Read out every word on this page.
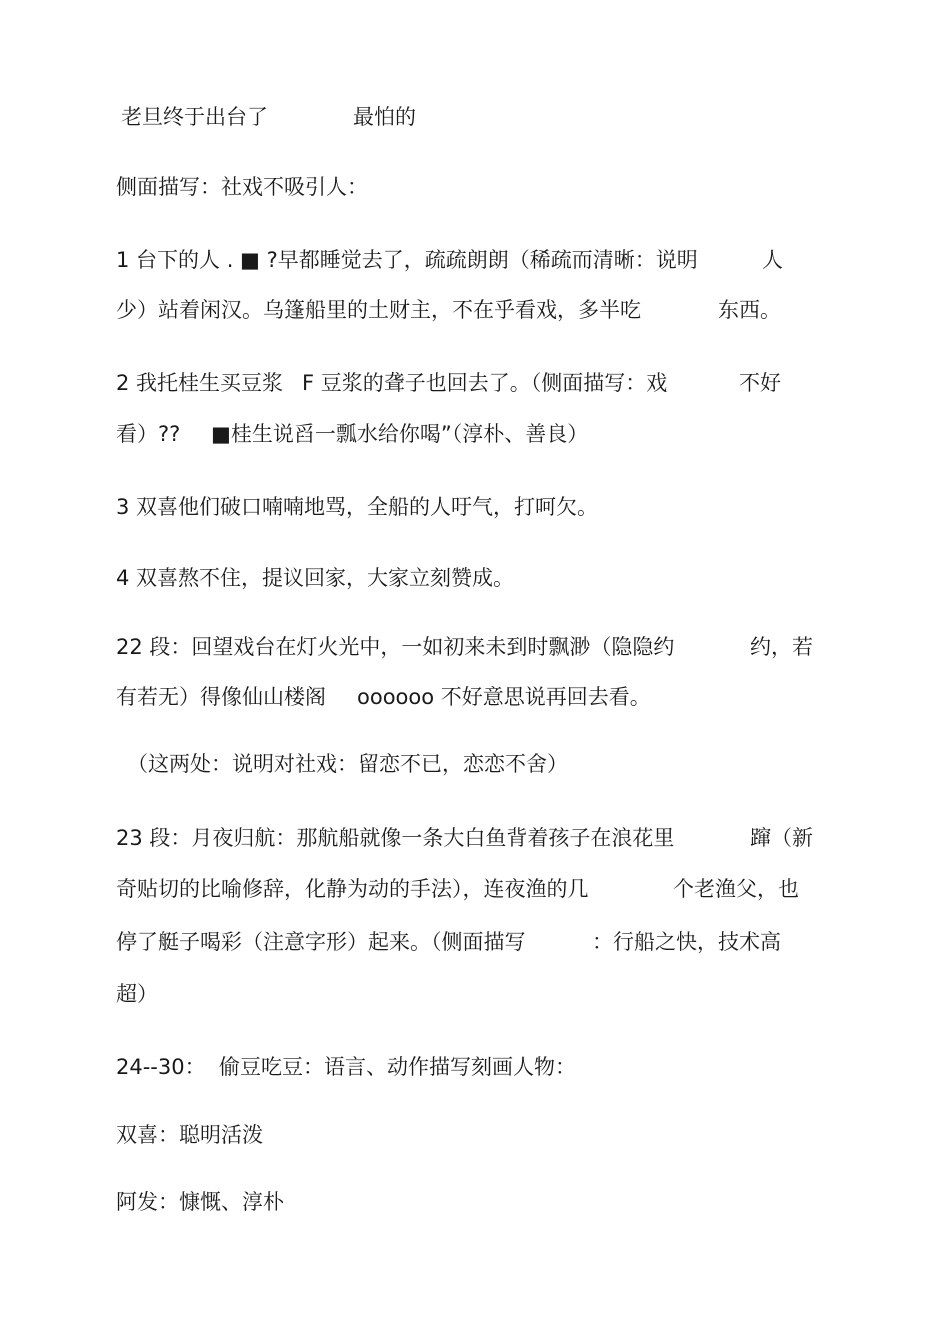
老旦终于出台了	最怕的
侧面描写：社戏不吸引人：
1 台下的人 . ■ ?早都睡觉去了，疏疏朗朗（稀疏而清晰：说明	人
少）站着闲汉。乌篷船里的土财主，不在乎看戏，多半吃	东西。
2 我托桂生买豆浆 F 豆浆的聋子也回去了。（侧面描写：戏	不好
看）?? ■桂生说舀一瓢水给你喝”（淳朴、善良）
3 双喜他们破口喃喃地骂，全船的人吁气，打呵欠。
4 双喜熬不住，提议回家，大家立刻赞成。
22 段：回望戏台在灯火光中，一如初来未到时飘渺（隐隐约	约，若
有若无）得像仙山楼阁 oooooo 不好意思说再回去看。
（这两处：说明对社戏：留恋不已，恋恋不舍）
23 段：月夜归航：那航船就像一条大白鱼背着孩子在浪花里	蹿（新
奇贴切的比喻修辞，化静为动的手法），连夜渔的几	个老渔父，也
停了艇子喝彩（注意字形）起来。（侧面描写	：行船之快，技术高
超）
24--30：  偷豆吃豆：语言、动作描写刻画人物：
双喜：聪明活泼
阿发：慷慨、淳朴
